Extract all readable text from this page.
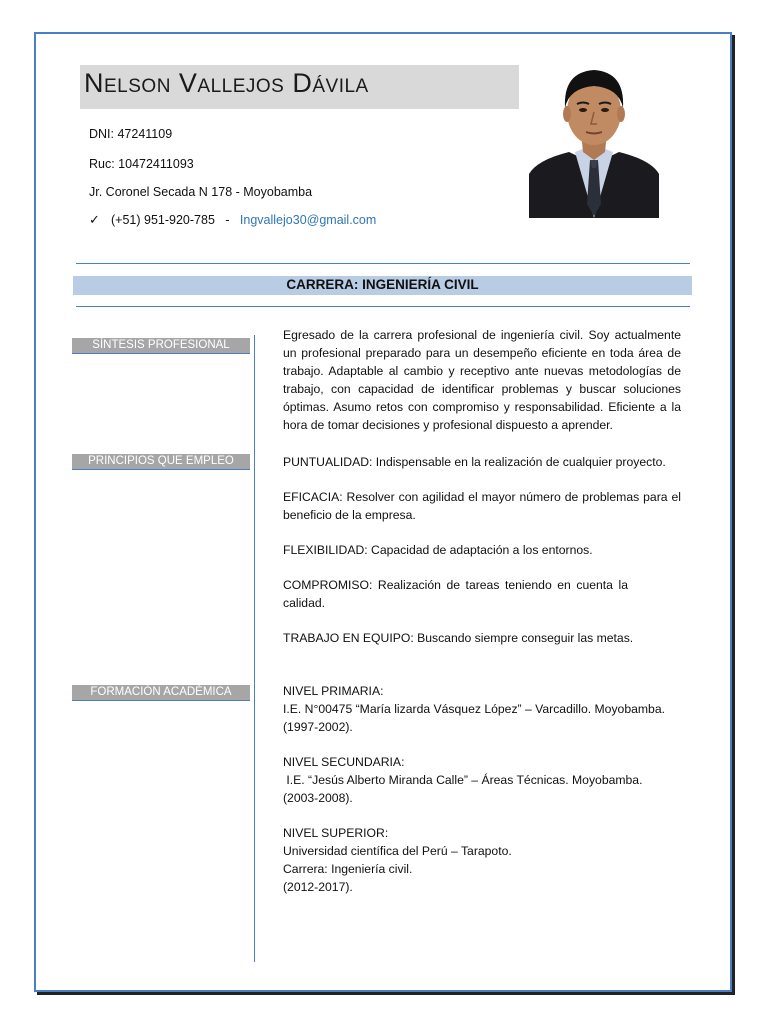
Nelson Vallejos Dávila
DNI: 47241109
Ruc: 10472411093
Jr. Coronel Secada N 178 - Moyobamba
✓ (+51) 951-920-785 - Ingvallejo30@gmail.com
CARRERA: INGENIERÍA CIVIL
SÍNTESIS PROFESIONAL
Egresado de la carrera profesional de ingeniería civil. Soy actualmente un profesional preparado para un desempeño eficiente en toda área de trabajo. Adaptable al cambio y receptivo ante nuevas metodologías de trabajo, con capacidad de identificar problemas y buscar soluciones óptimas. Asumo retos con compromiso y responsabilidad. Eficiente a la hora de tomar decisiones y profesional dispuesto a aprender.
PRINCIPIOS QUE EMPLEO	PUNTUALIDAD: Indispensable en la realización de cualquier proyecto.

EFICACIA: Resolver con agilidad el mayor número de problemas para el beneficio de la empresa.

FLEXIBILIDAD: Capacidad de adaptación a los entornos.

COMPROMISO: Realización de tareas teniendo en cuenta la calidad.

TRABAJO EN EQUIPO: Buscando siempre conseguir las metas.

FORMACIÓN ACADÉMICA	NIVEL PRIMARIA:
I.E. N°00475 “María lizarda Vásquez López” – Varcadillo. Moyobamba.
(1997-2002).
NIVEL SECUNDARIA:
I.E. “Jesús Alberto Miranda Calle” – Áreas Técnicas. Moyobamba.
(2003-2008).
NIVEL SUPERIOR:
Universidad científica del Perú – Tarapoto.
Carrera: Ingeniería civil.
(2012-2017).
